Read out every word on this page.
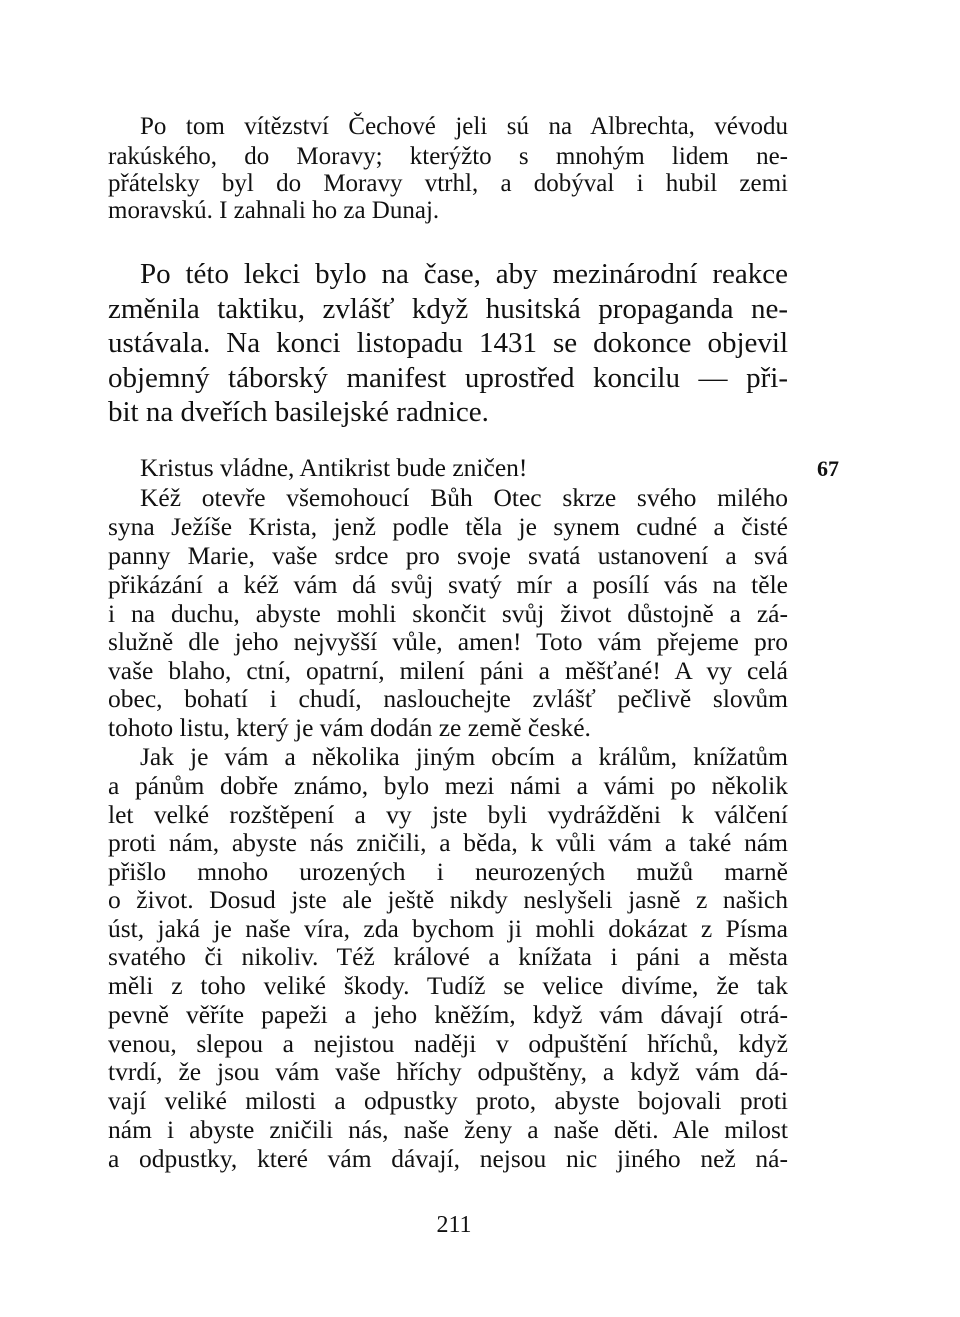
Po tom vítězství Čechové jeli sú na Albrechta, vévodu
rakúského, do Moravy; kterýžto s mnohým lidem ne-
přátelsky byl do Moravy vtrhl, a dobýval i hubil zemi
moravskú. I zahnali ho za Dunaj.
Po této lekci bylo na čase, aby mezinárodní reakce
změnila taktiku, zvlášť když husitská propaganda ne-
ustávala. Na konci listopadu 1431 se dokonce objevil
objemný táborský manifest uprostřed koncilu — při-
bit na dveřích basilejské radnice.
Kristus vládne, Antikrist bude zničen!
Kéž otevře všemohoucí Bůh Otec skrze svého milého
syna Ježíše Krista, jenž podle těla je synem cudné a čisté
panny Marie, vaše srdce pro svoje svatá ustanovení a svá
přikázání a kéž vám dá svůj svatý mír a posílí vás na těle
i na duchu, abyste mohli skončit svůj život důstojně a zá-
služně dle jeho nejvyšší vůle, amen! Toto vám přejeme pro
vaše blaho, ctní, opatrní, milení páni a měšťané! A vy celá
obec, bohatí i chudí, naslouchejte zvlášť pečlivě slovům
tohoto listu, který je vám dodán ze země české.
Jak je vám a několika jiným obcím a králům, knížatům
a pánům dobře známo, bylo mezi námi a vámi po několik
let velké rozštěpení a vy jste byli vydrážděni k válčení
proti nám, abyste nás zničili, a běda, k vůli vám a také nám
přišlo mnoho urozených i neurozených mužů marně
o život. Dosud jste ale ještě nikdy neslyšeli jasně z našich
úst, jaká je naše víra, zda bychom ji mohli dokázat z Písma
svatého či nikoliv. Též králové a knížata i páni a města
měli z toho veliké škody. Tudíž se velice divíme, že tak
pevně věříte papeži a jeho kněžím, když vám dávají otrá-
venou, slepou a nejistou naději v odpuštění hříchů, když
tvrdí, že jsou vám vaše hříchy odpuštěny, a když vám dá-
vají veliké milosti a odpustky proto, abyste bojovali proti
nám i abyste zničili nás, naše ženy a naše děti. Ale milost
a odpustky, které vám dávají, nejsou nic jiného než ná-
67
211
